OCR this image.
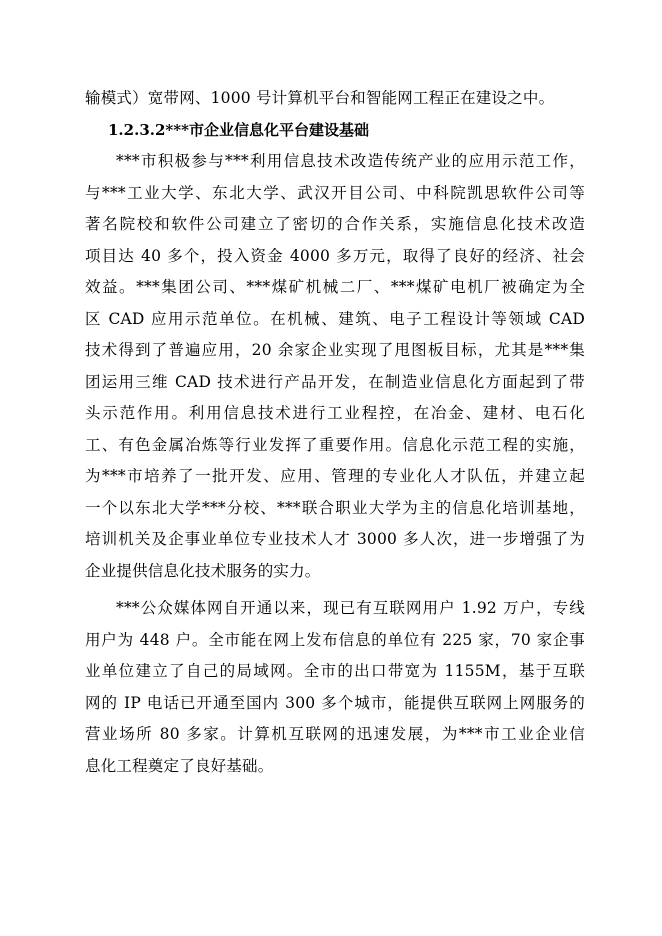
输模式）宽带网、1000 号计算机平台和智能网工程正在建设之中。
1.2.3.2***市企业信息化平台建设基础
***市积极参与***利用信息技术改造传统产业的应用示范工作，
与***工业大学、东北大学、武汉开目公司、中科院凯思软件公司等
著名院校和软件公司建立了密切的合作关系，实施信息化技术改造
项目达 40 多个，投入资金 4000 多万元，取得了良好的经济、社会
效益。***集团公司、***煤矿机械二厂、***煤矿电机厂被确定为全
区 CAD 应用示范单位。在机械、建筑、电子工程设计等领域 CAD
技术得到了普遍应用，20 余家企业实现了甩图板目标，尤其是***集
团运用三维 CAD 技术进行产品开发，在制造业信息化方面起到了带
头示范作用。利用信息技术进行工业程控，在冶金、建材、电石化
工、有色金属冶炼等行业发挥了重要作用。信息化示范工程的实施，
为***市培养了一批开发、应用、管理的专业化人才队伍，并建立起
一个以东北大学***分校、***联合职业大学为主的信息化培训基地，
培训机关及企事业单位专业技术人才 3000 多人次，进一步增强了为
企业提供信息化技术服务的实力。
***公众媒体网自开通以来，现已有互联网用户 1.92 万户，专线
用户为 448 户。全市能在网上发布信息的单位有 225 家，70 家企事
业单位建立了自己的局域网。全市的出口带宽为 1155M，基于互联
网的 IP 电话已开通至国内 300 多个城市，能提供互联网上网服务的
营业场所 80 多家。计算机互联网的迅速发展，为***市工业企业信
息化工程奠定了良好基础。
